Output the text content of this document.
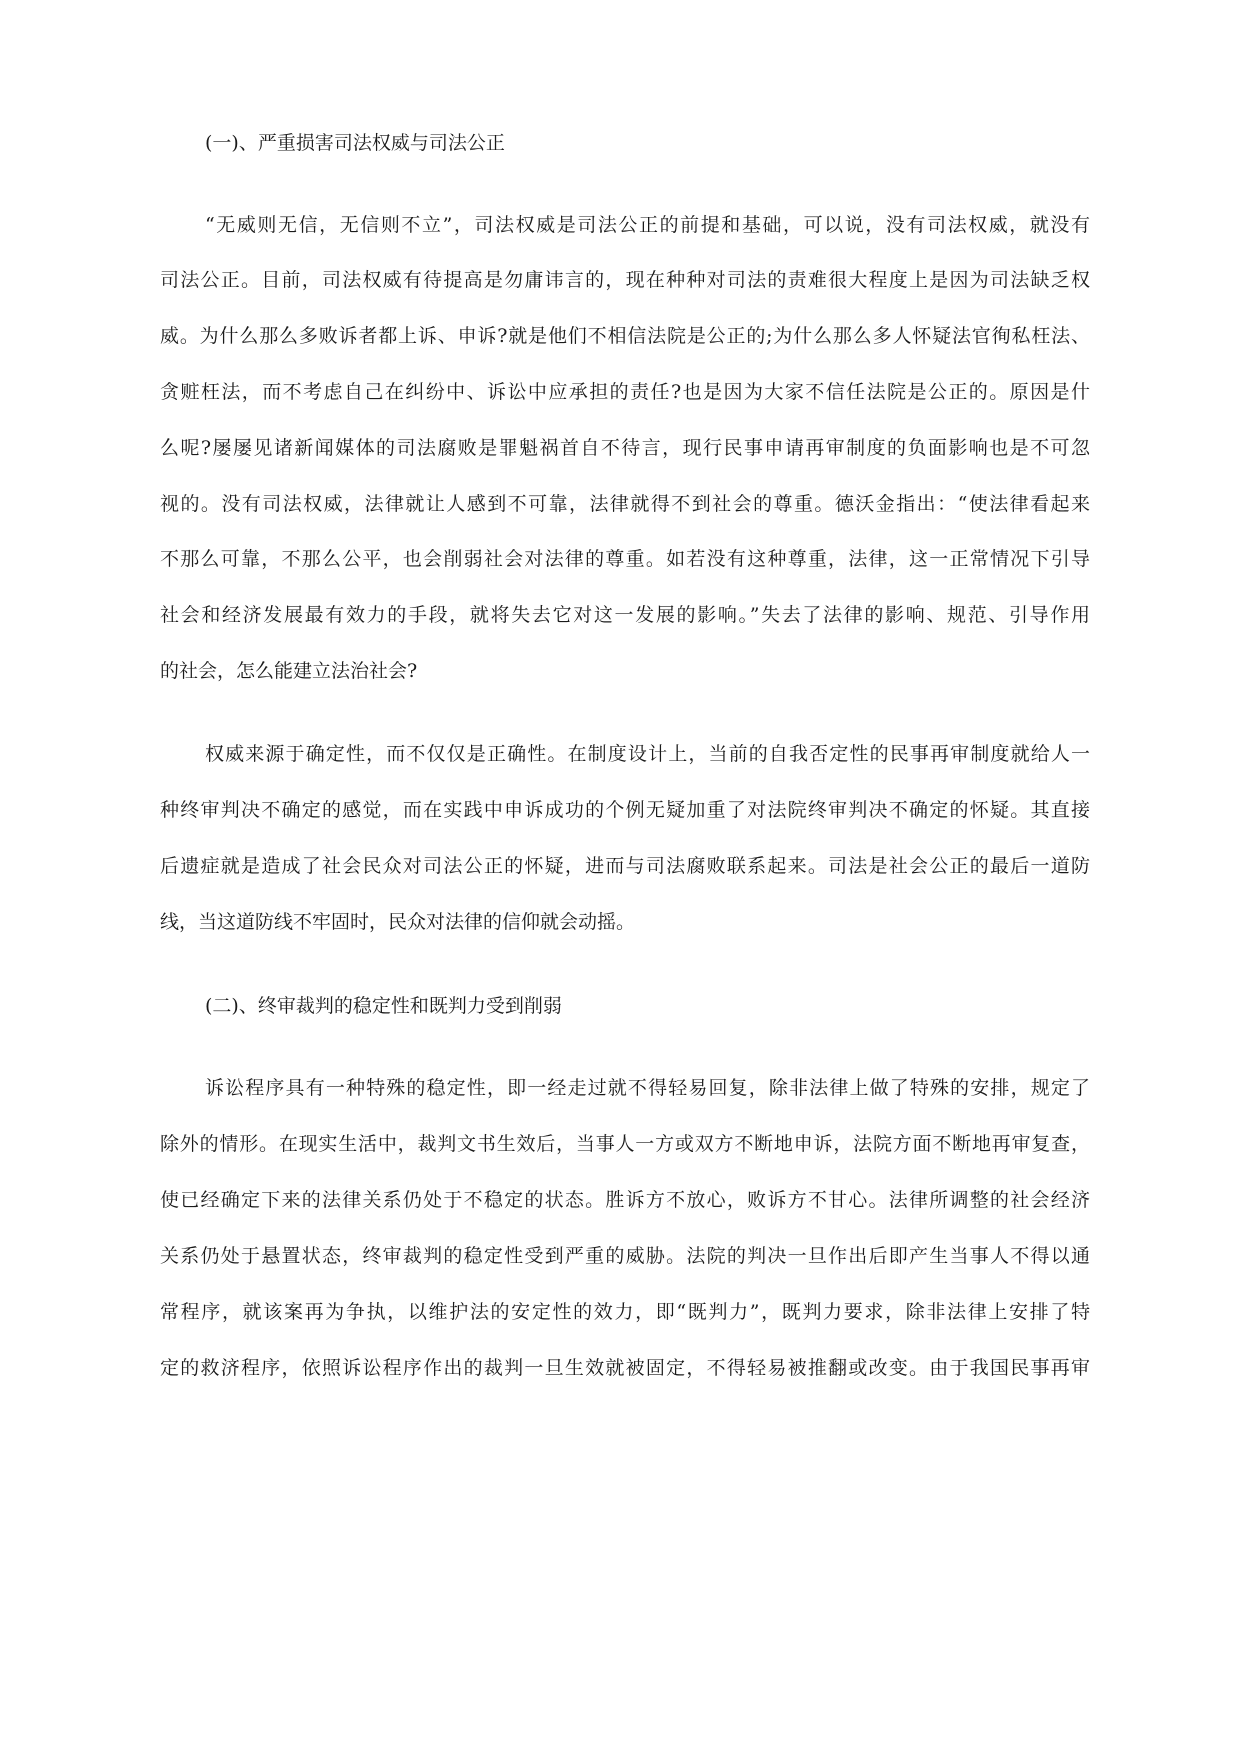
(一)、严重损害司法权威与司法公正

“无威则无信，无信则不立”，司法权威是司法公正的前提和基础，可以说，没有司法权威，就没有

司法公正。目前，司法权威有待提高是勿庸讳言的，现在种种对司法的责难很大程度上是因为司法缺乏权

威。为什么那么多败诉者都上诉、申诉?就是他们不相信法院是公正的;为什么那么多人怀疑法官徇私枉法、

贪赃枉法，而不考虑自己在纠纷中、诉讼中应承担的责任?也是因为大家不信任法院是公正的。原因是什

么呢?屡屡见诸新闻媒体的司法腐败是罪魁祸首自不待言，现行民事申请再审制度的负面影响也是不可忽

视的。没有司法权威，法律就让人感到不可靠，法律就得不到社会的尊重。德沃金指出：“使法律看起来

不那么可靠，不那么公平，也会削弱社会对法律的尊重。如若没有这种尊重，法律，这一正常情况下引导

社会和经济发展最有效力的手段，就将失去它对这一发展的影响。”失去了法律的影响、规范、引导作用

的社会，怎么能建立法治社会?

权威来源于确定性，而不仅仅是正确性。在制度设计上，当前的自我否定性的民事再审制度就给人一

种终审判决不确定的感觉，而在实践中申诉成功的个例无疑加重了对法院终审判决不确定的怀疑。其直接

后遗症就是造成了社会民众对司法公正的怀疑，进而与司法腐败联系起来。司法是社会公正的最后一道防

线，当这道防线不牢固时，民众对法律的信仰就会动摇。

(二)、终审裁判的稳定性和既判力受到削弱

诉讼程序具有一种特殊的稳定性，即一经走过就不得轻易回复，除非法律上做了特殊的安排，规定了

除外的情形。在现实生活中，裁判文书生效后，当事人一方或双方不断地申诉，法院方面不断地再审复查，

使已经确定下来的法律关系仍处于不稳定的状态。胜诉方不放心，败诉方不甘心。法律所调整的社会经济

关系仍处于悬置状态，终审裁判的稳定性受到严重的威胁。法院的判决一旦作出后即产生当事人不得以通

常程序，就该案再为争执，以维护法的安定性的效力，即“既判力”，既判力要求，除非法律上安排了特

定的救济程序，依照诉讼程序作出的裁判一旦生效就被固定，不得轻易被推翻或改变。由于我国民事再审
